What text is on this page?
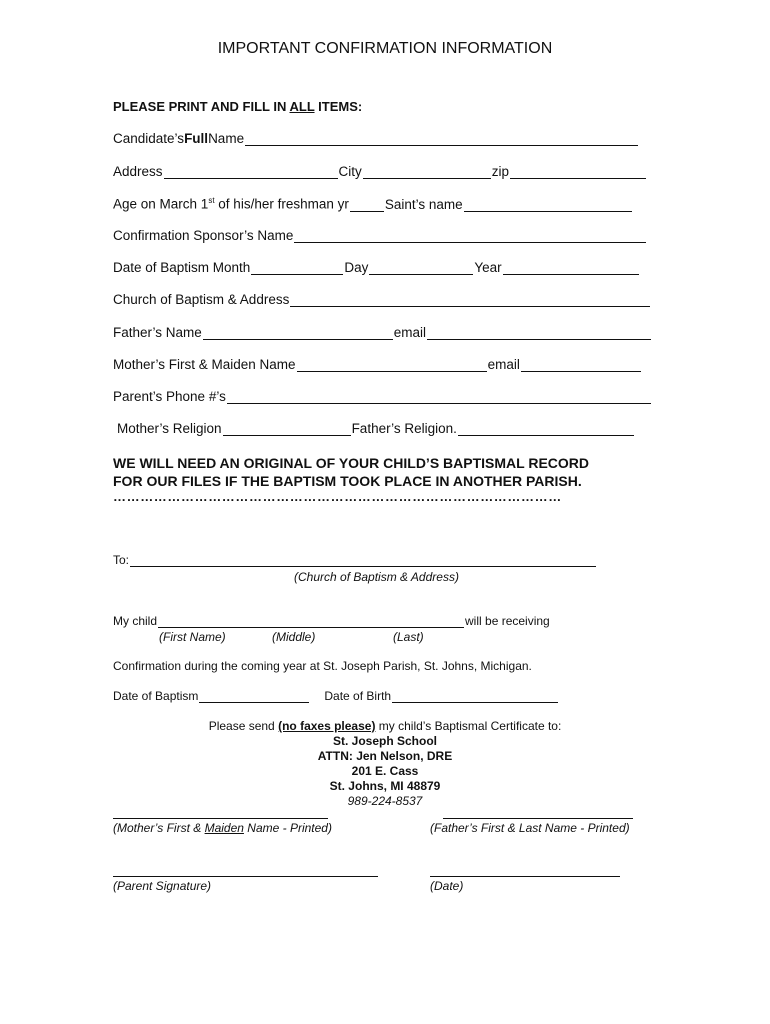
IMPORTANT CONFIRMATION INFORMATION
PLEASE PRINT AND FILL IN ALL ITEMS:
Candidate’s Full Name
Address	City	zip
Age on March 1st of his/her freshman yr	Saint’s name
Confirmation Sponsor’s Name
Date of Baptism Month	Day	Year
Church of Baptism & Address
Father’s Name	email
Mother’s First & Maiden Name	email
Parent’s Phone #’s
Mother’s Religion	Father’s Religion.
WE WILL NEED AN ORIGINAL OF YOUR CHILD’S BAPTISMAL RECORD
FOR OUR FILES IF THE BAPTISM TOOK PLACE IN ANOTHER PARISH.
………………………………………………………………………………………
To:
(Church of Baptism & Address)
My child	will be receiving
(First Name)	(Middle)	(Last)
Confirmation during the coming year at St. Joseph Parish, St. Johns, Michigan.
Date of Baptism	Date of Birth
Please send (no faxes please) my child’s Baptismal Certificate to:
St. Joseph School
ATTN: Jen Nelson, DRE
201 E. Cass
St. Johns, MI 48879
989-224-8537
(Mother’s First & Maiden Name - Printed)	(Father’s First & Last Name - Printed)
(Parent Signature)	(Date)
